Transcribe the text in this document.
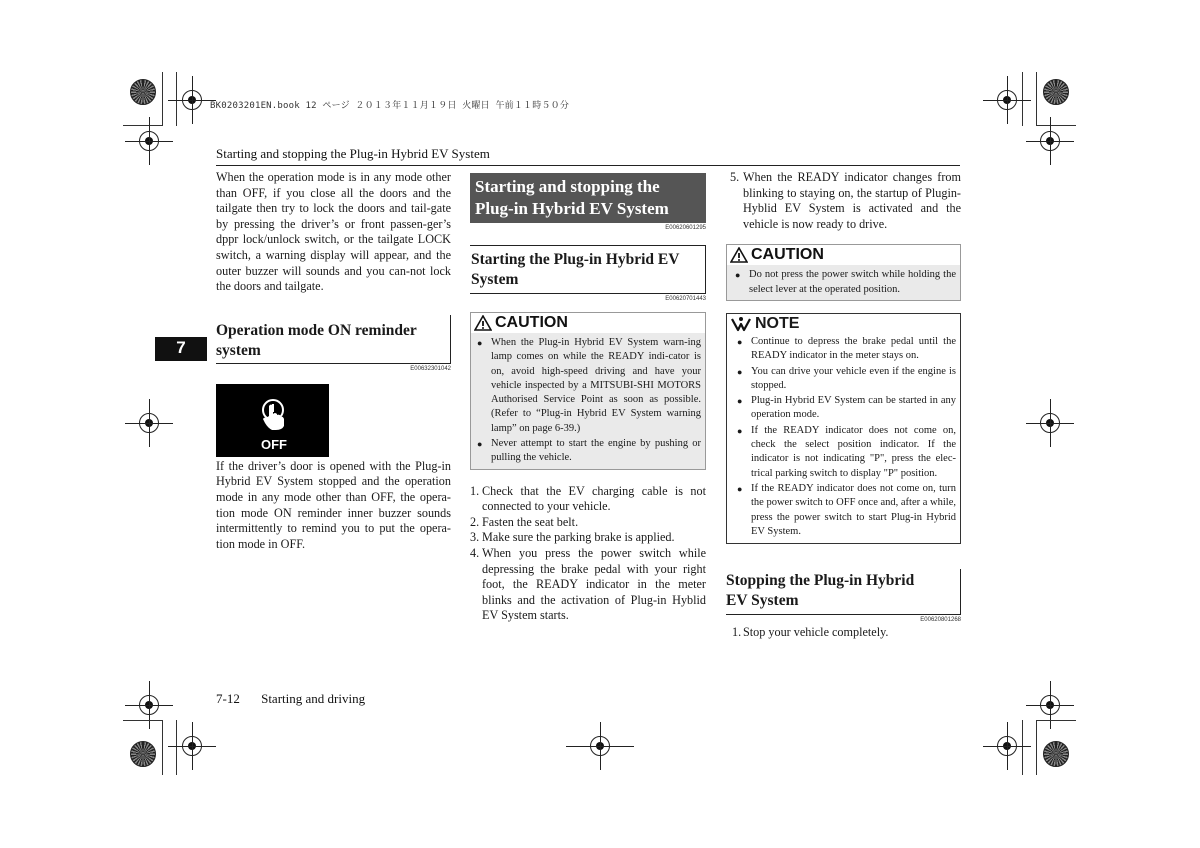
BK0203201EN.book 12 ページ ２０１３年１１月１９日 火曜日 午前１１時５０分
Starting and stopping the Plug-in Hybrid EV System
7

When the operation mode is in any mode other than OFF, if you close all the doors and the tailgate then try to lock the doors and tail-gate by pressing the driver’s or front passen-ger’s dppr lock/unlock switch, or the tailgate LOCK switch, a warning display will appear, and the outer buzzer will sounds and you can-not lock the doors and tailgate.

Operation mode ON reminder system
E00632301042
OFF

If the driver’s door is opened with the Plug-in Hybrid EV System stopped and the operation mode in any mode other than OFF, the opera-tion mode ON reminder inner buzzer sounds intermittently to remind you to put the opera-tion mode in OFF.

Starting and stopping the Plug-in Hybrid EV System
E00620601295
Starting the Plug-in Hybrid EV System
E00620701443
CAUTION
● When the Plug-in Hybrid EV System warn-ing lamp comes on while the READY indi-cator is on, avoid high-speed driving and have your vehicle inspected by a MITSUBI-SHI MOTORS Authorised Service Point as soon as possible. (Refer to “Plug-in Hybrid EV System warning lamp” on page 6-39.)
● Never attempt to start the engine by pushing or pulling the vehicle.
1. Check that the EV charging cable is not connected to your vehicle.
2. Fasten the seat belt.
3. Make sure the parking brake is applied.
4. When you press the power switch while depressing the brake pedal with your right foot, the READY indicator in the meter blinks and the activation of Plug-in Hyblid EV System starts.
5. When the READY indicator changes from blinking to staying on, the startup of Plugin-Hyblid EV System is activated and the vehicle is now ready to drive.
CAUTION
● Do not press the power switch while holding the select lever at the operated position.
NOTE
● Continue to depress the brake pedal until the READY indicator in the meter stays on.
● You can drive your vehicle even if the engine is stopped.
● Plug-in Hybrid EV System can be started in any operation mode.
● If the READY indicator does not come on, check the select position indicator. If the indicator is not indicating "P", press the elec-trical parking switch to display "P" position.
● If the READY indicator does not come on, turn the power switch to OFF once and, after a while, press the power switch to start Plug-in Hybrid EV System.
Stopping the Plug-in Hybrid EV System
E00620801268
1. Stop your vehicle completely.
7-12 Starting and driving
